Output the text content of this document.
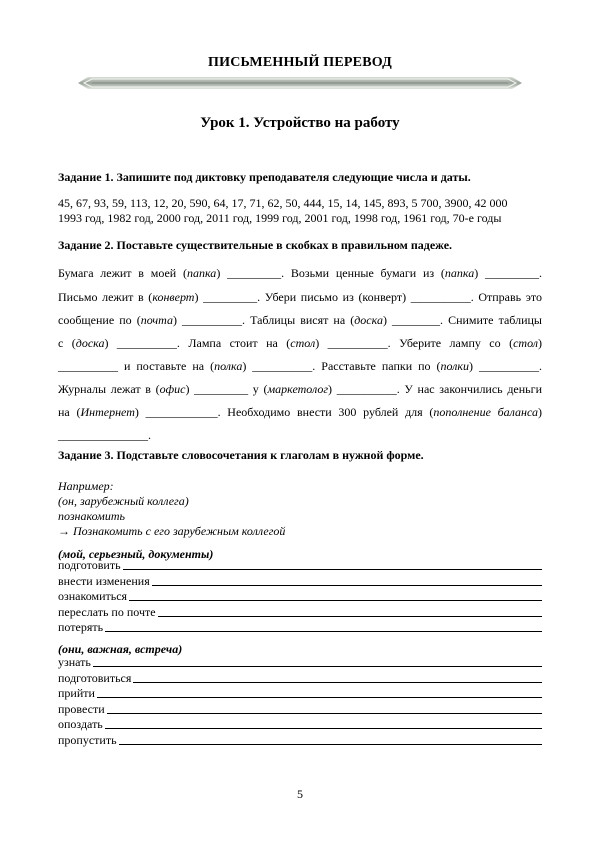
ПИСЬМЕННЫЙ ПЕРЕВОД
Урок 1. Устройство на работу
Задание 1. Запишите под диктовку преподавателя следующие числа и даты.
45, 67, 93, 59, 113, 12, 20, 590, 64, 17, 71, 62, 50, 444, 15, 14, 145, 893, 5 700, 3900, 42 000
1993 год, 1982 год, 2000 год, 2011 год, 1999 год, 2001 год, 1998 год, 1961 год, 70-е годы
Задание 2. Поставьте существительные в скобках в правильном падеже.
Бумага лежит в моей (папка) _________. Возьми ценные бумаги из (папка) _________.
Письмо лежит в (конверт) _________. Убери письмо из (конверт) __________. Отправь это
сообщение по (почта) __________. Таблицы висят на (доска) ________. Снимите таблицы
с (доска) __________. Лампа стоит на (стол) __________. Уберите лампу со (стол)
__________ и поставьте на (полка) __________. Расставьте папки по (полки) __________.
Журналы лежат в (офис) _________ у (маркетолог) __________. У нас закончились деньги
на (Интернет) ____________. Необходимо внести 300 рублей для (пополнение баланса)
_______________.
Задание 3. Подставьте словосочетания к глаголам в нужной форме.
Например:
(он, зарубежный коллега)
познакомить
→ Познакомить с его зарубежным коллегой
(мой, серьезный, документы)
подготовить
внести изменения
ознакомиться
переслать по почте
потерять
(они, важная, встреча)
узнать
подготовиться
прийти
провести
опоздать
пропустить
5
